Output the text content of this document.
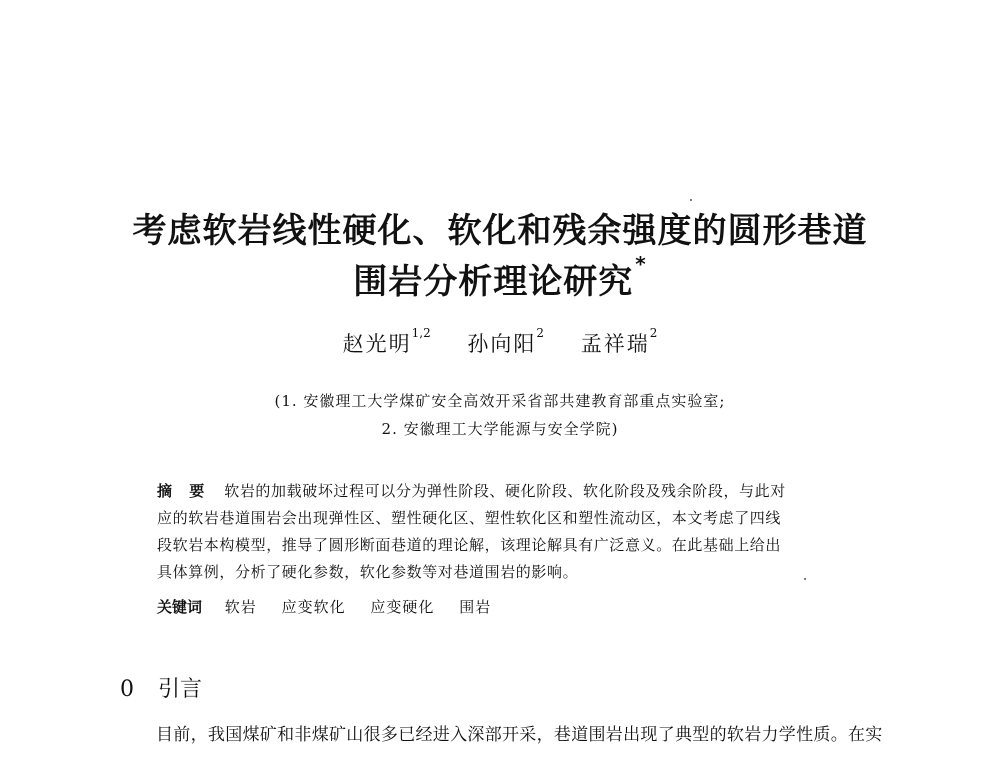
考虑软岩线性硬化、软化和残余强度的圆形巷道
围岩分析理论研究 *
赵光明$^{1,2}$ 孙向阳$^2$ 孟祥瑞$^2$
(1. 安徽理工大学煤矿安全高效开采省部共建教育部重点实验室;
2. 安徽理工大学能源与安全学院)
摘 要 软岩的加载破坏过程可以分为弹性阶段、硬化阶段、软化阶段及残余阶段，与此对
应的软岩巷道围岩会出现弹性区、塑性硬化区、塑性软化区和塑性流动区，本文考虑了四线
段软岩本构模型，推导了圆形断面巷道的理论解，该理论解具有广泛意义。在此基础上给出
具体算例，分析了硬化参数，软化参数等对巷道围岩的影响。
关键词 软岩 应变软化 应变硬化 围岩
0 引言
目前，我国煤矿和非煤矿山很多已经进入深部开采，巷道围岩出现了典型的软岩力学性质。在实
